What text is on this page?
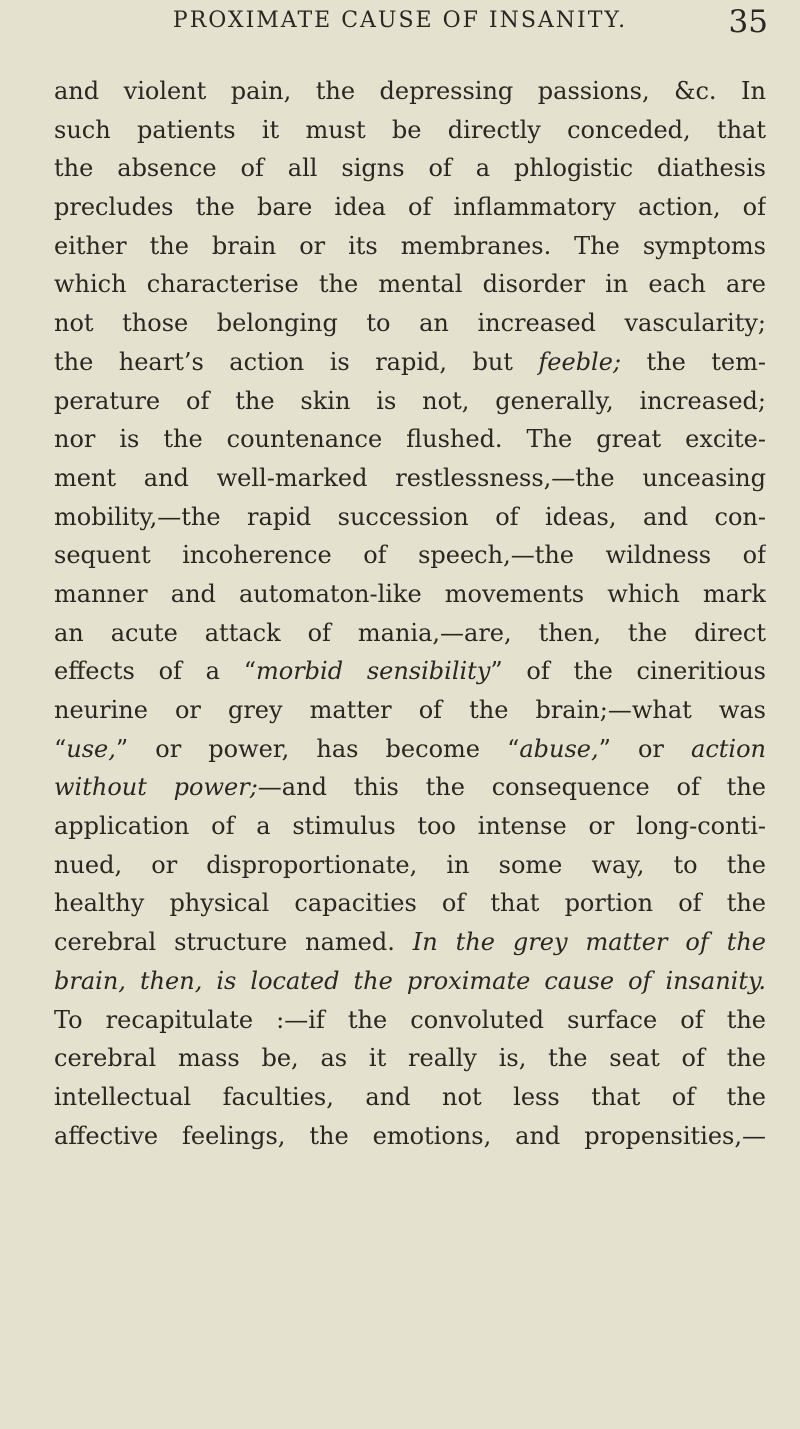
PROXIMATE CAUSE OF INSANITY.	35
and violent pain, the depressing passions, &c. In
such patients it must be directly conceded, that
the absence of all signs of a phlogistic diathesis
precludes the bare idea of inflammatory action, of
either the brain or its membranes. The symptoms
which characterise the mental disorder in each are
not those belonging to an increased vascularity;
the heart’s action is rapid, but feeble; the tem-
perature of the skin is not, generally, increased;
nor is the countenance flushed. The great excite-
ment and well-marked restlessness,—the unceasing
mobility,—the rapid succession of ideas, and con-
sequent incoherence of speech,—the wildness of
manner and automaton-like movements which mark
an acute attack of mania,—are, then, the direct
effects of a “morbid sensibility” of the cineritious
neurine or grey matter of the brain;—what was
“use,” or power, has become “abuse,” or action
without power;—and this the consequence of the
application of a stimulus too intense or long-conti-
nued, or disproportionate, in some way, to the
healthy physical capacities of that portion of the
cerebral structure named. In the grey matter of the
brain, then, is located the proximate cause of insanity.
To recapitulate :—if the convoluted surface of the
cerebral mass be, as it really is, the seat of the
intellectual faculties, and not less that of the
affective feelings, the emotions, and propensities,—
